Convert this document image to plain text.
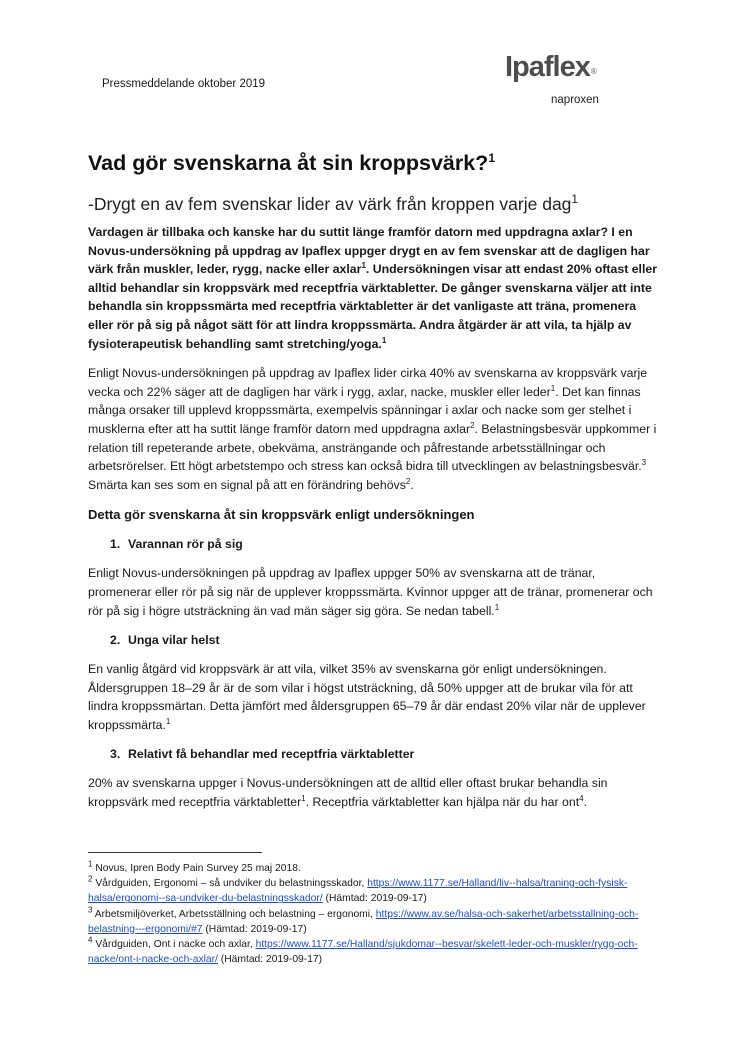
Pressmeddelande oktober 2019
Ipaflex®
naproxen
Vad gör svenskarna åt sin kroppsvärk?$^1$
-Drygt en av fem svenskar lider av värk från kroppen varje dag$^1$

Vardagen är tillbaka och kanske har du suttit länge framför datorn med uppdragna axlar? I en Novus-undersökning på uppdrag av Ipaflex uppger drygt en av fem svenskar att de dagligen har värk från muskler, leder, rygg, nacke eller axlar$^1$. Undersökningen visar att endast 20% oftast eller alltid behandlar sin kroppsvärk med receptfria värktabletter. De gånger svenskarna väljer att inte behandla sin kroppssmärta med receptfria värktabletter är det vanligaste att träna, promenera eller rör på sig på något sätt för att lindra kroppssmärta. Andra åtgärder är att vila, ta hjälp av fysioterapeutisk behandling samt stretching/yoga.$^1$

Enligt Novus-undersökningen på uppdrag av Ipaflex lider cirka 40% av svenskarna av kroppsvärk varje vecka och 22% säger att de dagligen har värk i rygg, axlar, nacke, muskler eller leder$^1$. Det kan finnas många orsaker till upplevd kroppssmärta, exempelvis spänningar i axlar och nacke som ger stelhet i musklerna efter att ha suttit länge framför datorn med uppdragna axlar$^2$. Belastningsbesvär uppkommer i relation till repeterande arbete, obekväma, ansträngande och påfrestande arbetsställningar och arbetsrörelser. Ett högt arbetstempo och stress kan också bidra till utvecklingen av belastningsbesvär.$^3$ Smärta kan ses som en signal på att en förändring behövs$^2$.

Detta gör svenskarna åt sin kroppsvärk enligt undersökningen
1. Varannan rör på sig

Enligt Novus-undersökningen på uppdrag av Ipaflex uppger 50% av svenskarna att de tränar, promenerar eller rör på sig när de upplever kroppssmärta. Kvinnor uppger att de tränar, promenerar och rör på sig i högre utsträckning än vad män säger sig göra. Se nedan tabell.$^1$

2. Unga vilar helst

En vanlig åtgärd vid kroppsvärk är att vila, vilket 35% av svenskarna gör enligt undersökningen. Åldersgruppen 18–29 år är de som vilar i högst utsträckning, då 50% uppger att de brukar vila för att lindra kroppssmärtan. Detta jämfört med åldersgruppen 65–79 år där endast 20% vilar när de upplever kroppssmärta.$^1$

3. Relativt få behandlar med receptfria värktabletter

20% av svenskarna uppger i Novus-undersökningen att de alltid eller oftast brukar behandla sin kroppsvärk med receptfria värktabletter$^1$. Receptfria värktabletter kan hjälpa när du har ont$^4$.

$^1$ Novus, Ipren Body Pain Survey 25 maj 2018.
$^2$ Vårdguiden, Ergonomi – så undviker du belastningsskador, https://www.1177.se/Halland/liv--halsa/traning-och-fysisk-halsa/ergonomi--sa-undviker-du-belastningsskador/ (Hämtad: 2019-09-17)
$^3$ Arbetsmiljöverket, Arbetsställning och belastning – ergonomi, https://www.av.se/halsa-och-sakerhet/arbetsstallning-och-belastning---ergonomi/#7 (Hämtad: 2019-09-17)
$^4$ Vårdguiden, Ont i nacke och axlar, https://www.1177.se/Halland/sjukdomar--besvar/skelett-leder-och-muskler/rygg-och-nacke/ont-i-nacke-och-axlar/ (Hämtad: 2019-09-17)
